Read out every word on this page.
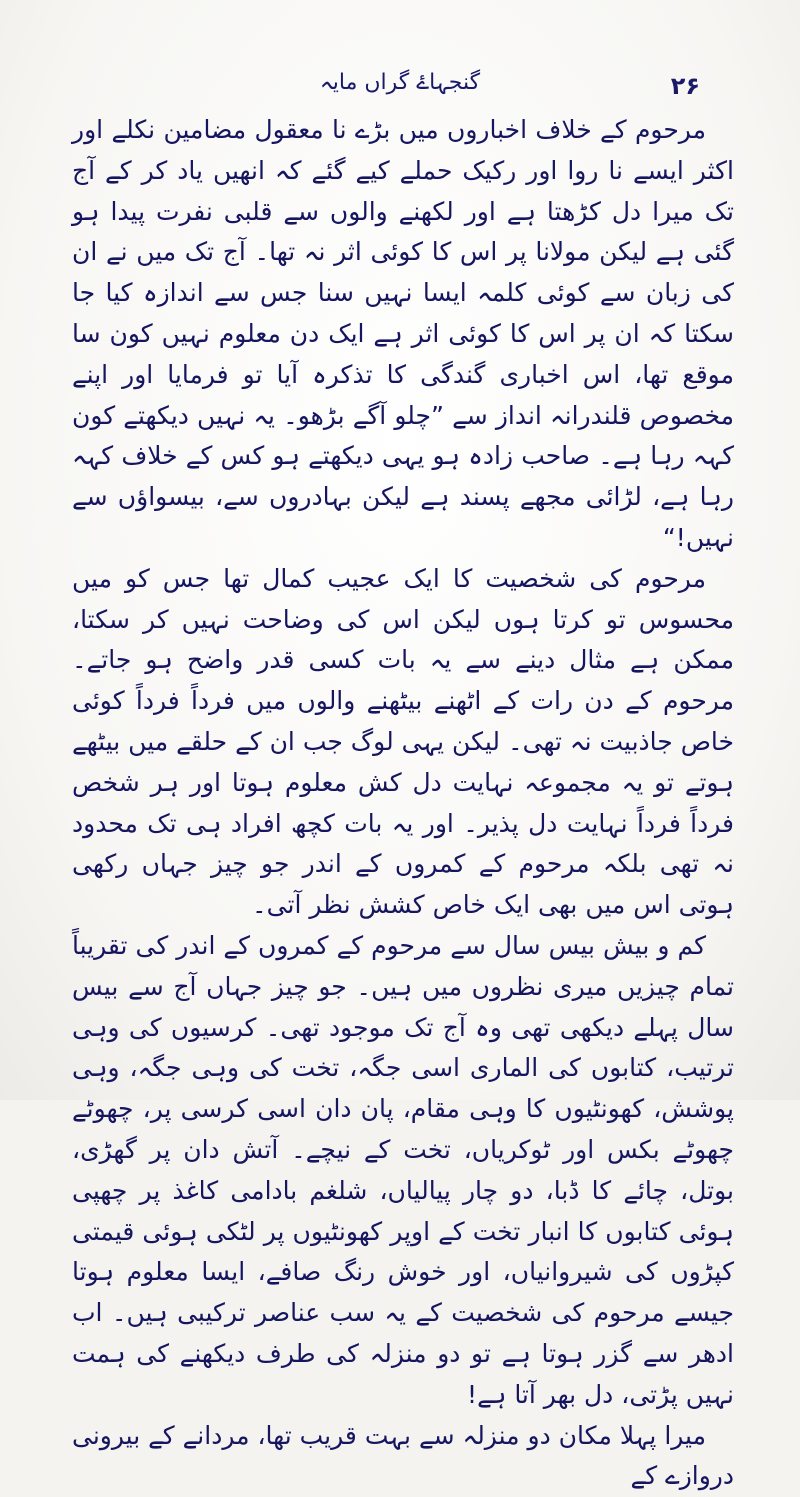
گنجہاۓ گراں مایہ	۲۶

مرحوم کے خلاف اخباروں میں بڑے نا معقول مضامین نکلے اور اکثر ایسے نا روا اور رکیک حملے کیے گئے کہ انھیں یاد کر کے آج تک میرا دل کڑھتا ہے اور لکھنے والوں سے قلبی نفرت پیدا ہو گئی ہے لیکن مولانا پر اس کا کوئی اثر نہ تھا۔ آج تک میں نے ان کی زبان سے کوئی کلمہ ایسا نہیں سنا جس سے اندازہ کیا جا سکتا کہ ان پر اس کا کوئی اثر ہے ایک دن معلوم نہیں کون سا موقع تھا، اس اخباری گندگی کا تذکرہ آیا تو فرمایا اور اپنے مخصوص قلندرانہ انداز سے ”چلو آگے بڑھو۔ یہ نہیں دیکھتے کون کہہ رہا ہے۔ صاحب زادہ ہو یہی دیکھتے ہو کس کے خلاف کہہ رہا ہے، لڑائی مجھے پسند ہے لیکن بہادروں سے، بیسواؤں سے نہیں!“

مرحوم کی شخصیت کا ایک عجیب کمال تھا جس کو میں محسوس تو کرتا ہوں لیکن اس کی وضاحت نہیں کر سکتا، ممکن ہے مثال دینے سے یہ بات کسی قدر واضح ہو جاتے۔ مرحوم کے دن رات کے اٹھنے بیٹھنے والوں میں فرداً فرداً کوئی خاص جاذبیت نہ تھی۔ لیکن یہی لوگ جب ان کے حلقے میں بیٹھے ہوتے تو یہ مجموعہ نہایت دل کش معلوم ہوتا اور ہر شخص فرداً فرداً نہایت دل پذیر۔ اور یہ بات کچھ افراد ہی تک محدود نہ تھی بلکہ مرحوم کے کمروں کے اندر جو چیز جہاں رکھی ہوتی اس میں بھی ایک خاص کشش نظر آتی۔

کم و بیش بیس سال سے مرحوم کے کمروں کے اندر کی تقریباً تمام چیزیں میری نظروں میں ہیں۔ جو چیز جہاں آج سے بیس سال پہلے دیکھی تھی وہ آج تک موجود تھی۔ کرسیوں کی وہی ترتیب، کتابوں کی الماری اسی جگہ، تخت کی وہی جگہ، وہی پوشش، کھونٹیوں کا وہی مقام، پان دان اسی کرسی پر، چھوٹے چھوٹے بکس اور ٹوکریاں، تخت کے نیچے۔ آتش دان پر گھڑی، بوتل، چائے کا ڈبا، دو چار پیالیاں، شلغم بادامی کاغذ پر چھپی ہوئی کتابوں کا انبار تخت کے اوپر کھونٹیوں پر لٹکی ہوئی قیمتی کپڑوں کی شیروانیاں، اور خوش رنگ صافے، ایسا معلوم ہوتا جیسے مرحوم کی شخصیت کے یہ سب عناصر ترکیبی ہیں۔ اب ادھر سے گزر ہوتا ہے تو دو منزلہ کی طرف دیکھنے کی ہمت نہیں پڑتی، دل بھر آتا ہے!

میرا پہلا مکان دو منزلہ سے بہت قریب تھا، مردانے کے بیرونی دروازے کے
